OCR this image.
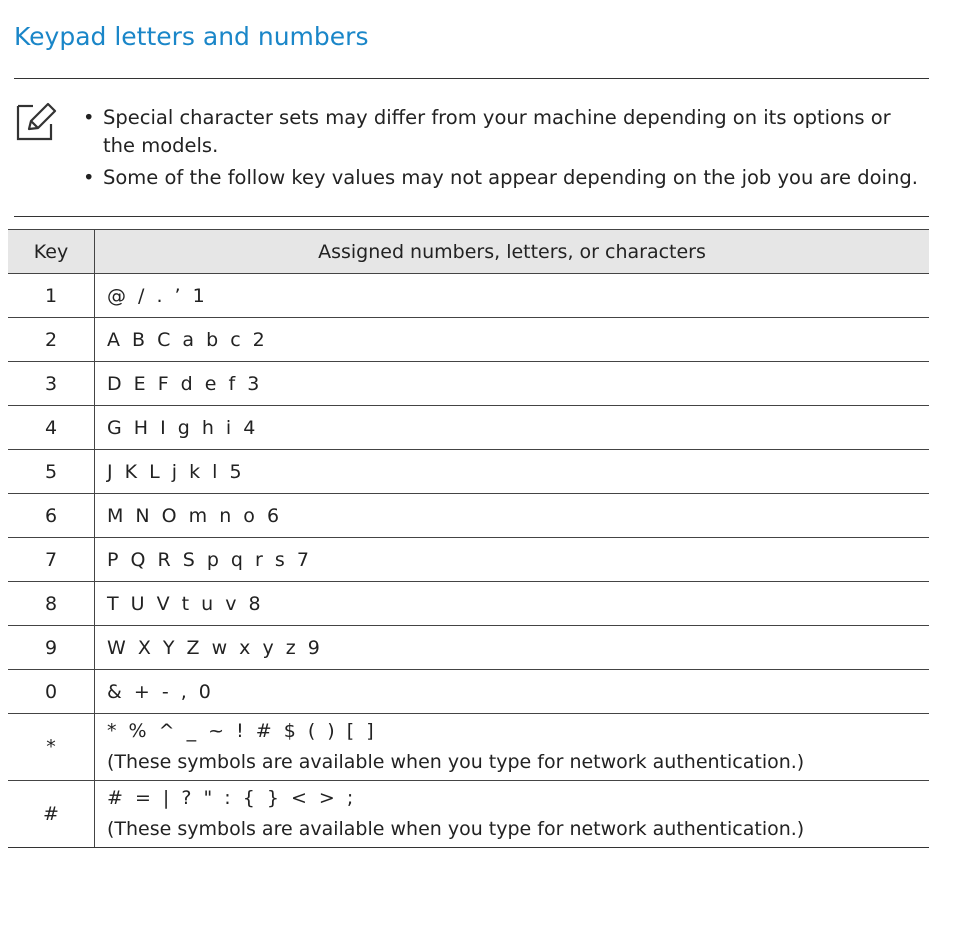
Keypad letters and numbers
• Special character sets may differ from your machine depending on its options or the models.
• Some of the follow key values may not appear depending on the job you are doing.
Key	Assigned numbers, letters, or characters
1	@ / . ’ 1
2	A B C a b c 2
3	D E F d e f 3
4	G H I g h i 4
5	J K L j k l 5
6	M N O m n o 6
7	P Q R S p q r s 7
8	T U V t u v 8
9	W X Y Z w x y z 9
0	& + - , 0
*	* % ^ _ ~ ! # $ ( ) [ ]
(These symbols are available when you type for network authentication.)

#	# = | ? " : { } < > ;
(These symbols are available when you type for network authentication.)
